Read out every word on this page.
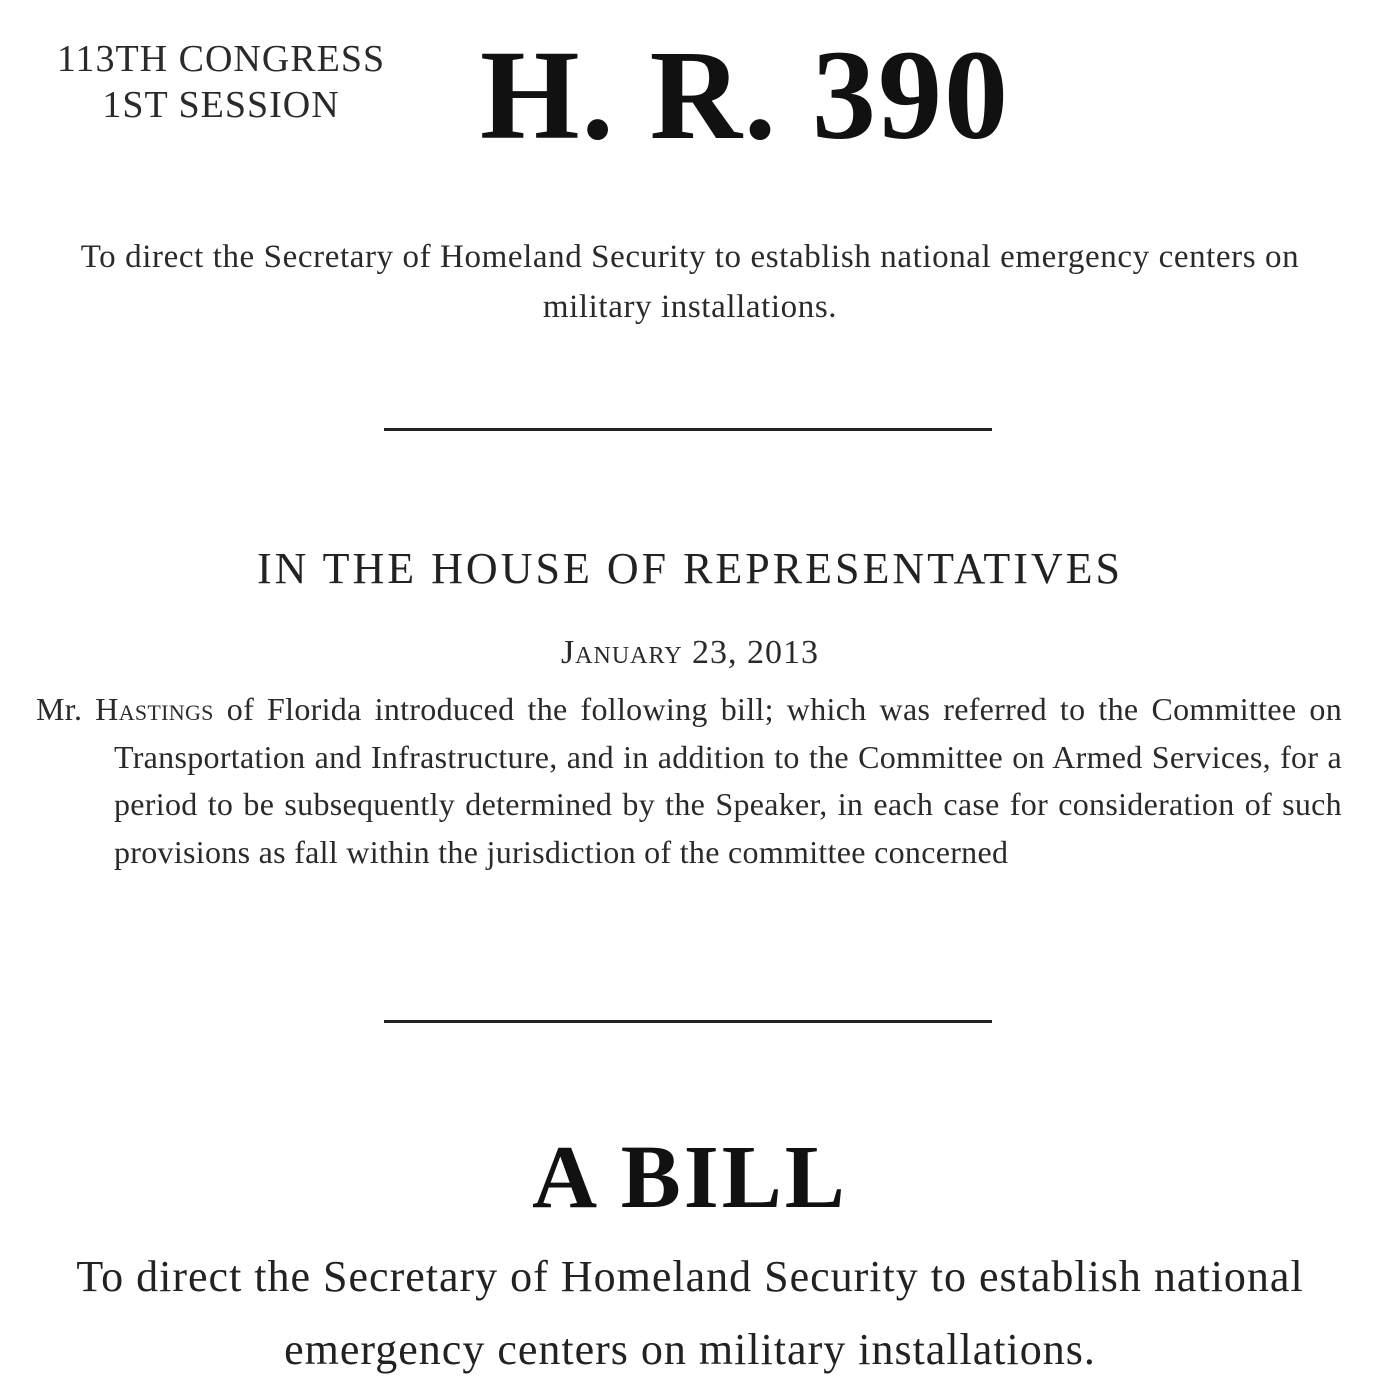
113TH CONGRESS
1ST SESSION	H. R. 390
To direct the Secretary of Homeland Security to establish national emergency centers on military installations.
IN THE HOUSE OF REPRESENTATIVES
January 23, 2013
Mr. Hastings of Florida introduced the following bill; which was referred to the Committee on Transportation and Infrastructure, and in addition to the Committee on Armed Services, for a period to be subsequently determined by the Speaker, in each case for consideration of such provisions as fall within the jurisdiction of the committee concerned
A BILL
To direct the Secretary of Homeland Security to establish national emergency centers on military installations.
